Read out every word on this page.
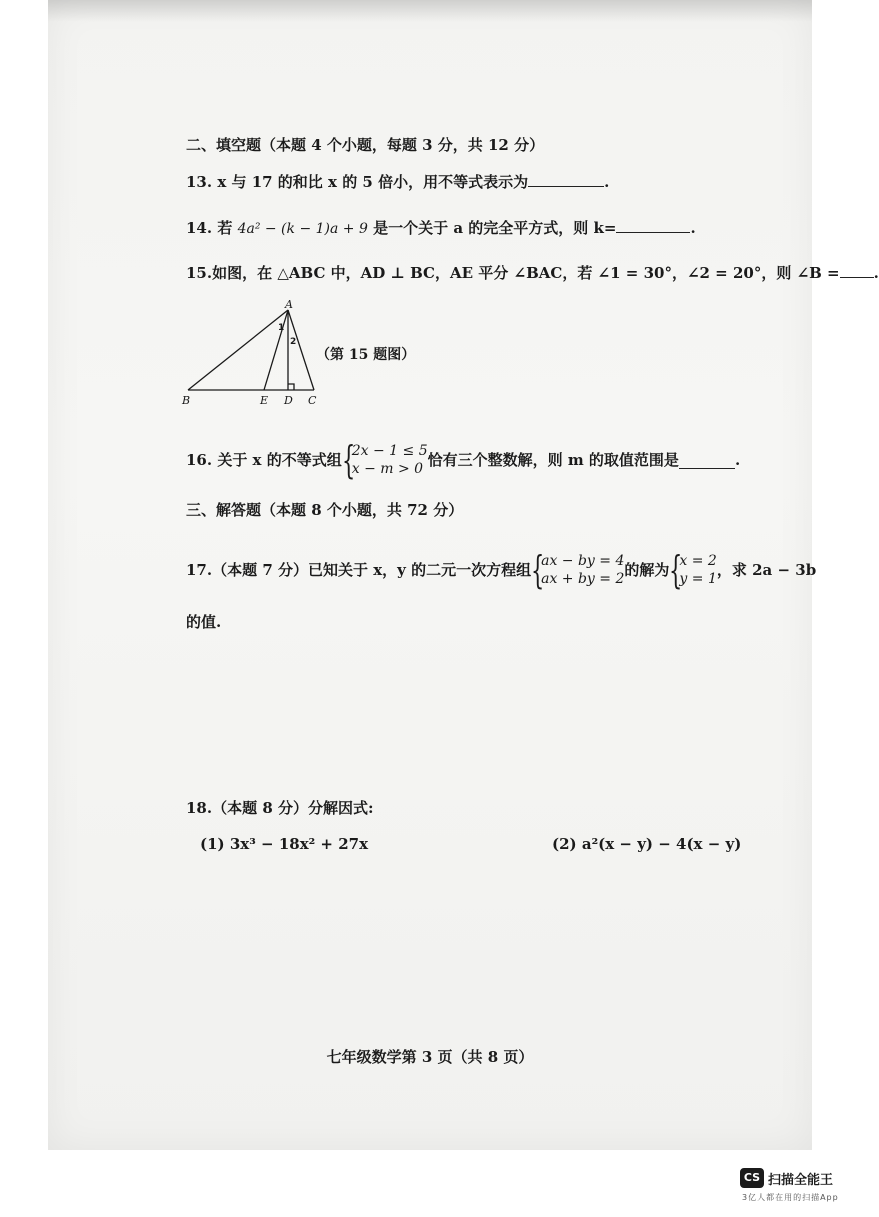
二、填空题（本题 4 个小题，每题 3 分，共 12 分）
13. x 与 17 的和比 x 的 5 倍小，用不等式表示为	.
14. 若 4a² − (k − 1)a + 9 是一个关于 a 的完全平方式，则 k=	.
15.如图，在 △ABC 中，AD ⊥ BC，AE 平分 ∠BAC，若 ∠1 = 30°，∠2 = 20°，则 ∠B = .
A
B	E D C
1
2
（第 15 题图）
16. 关于 x 的不等式组 {
2x − 1 ≤ 5
x − m > 0 恰有三个整数解，则 m 的取值范围是	.
三、解答题（本题 8 个小题，共 72 分）
17.（本题 7 分）已知关于 x，y 的二元一次方程组 {
ax − by = 4
ax + by = 2 的解为 {
x = 2
y = 1 ，求 2a − 3b
的值.
18.（本题 8 分）分解因式:
(1) 3x³ − 18x² + 27x	(2) a²(x − y) − 4(x − y)
七年级数学第 3 页（共 8 页）
CS 扫描全能王
3亿人都在用的扫描App
